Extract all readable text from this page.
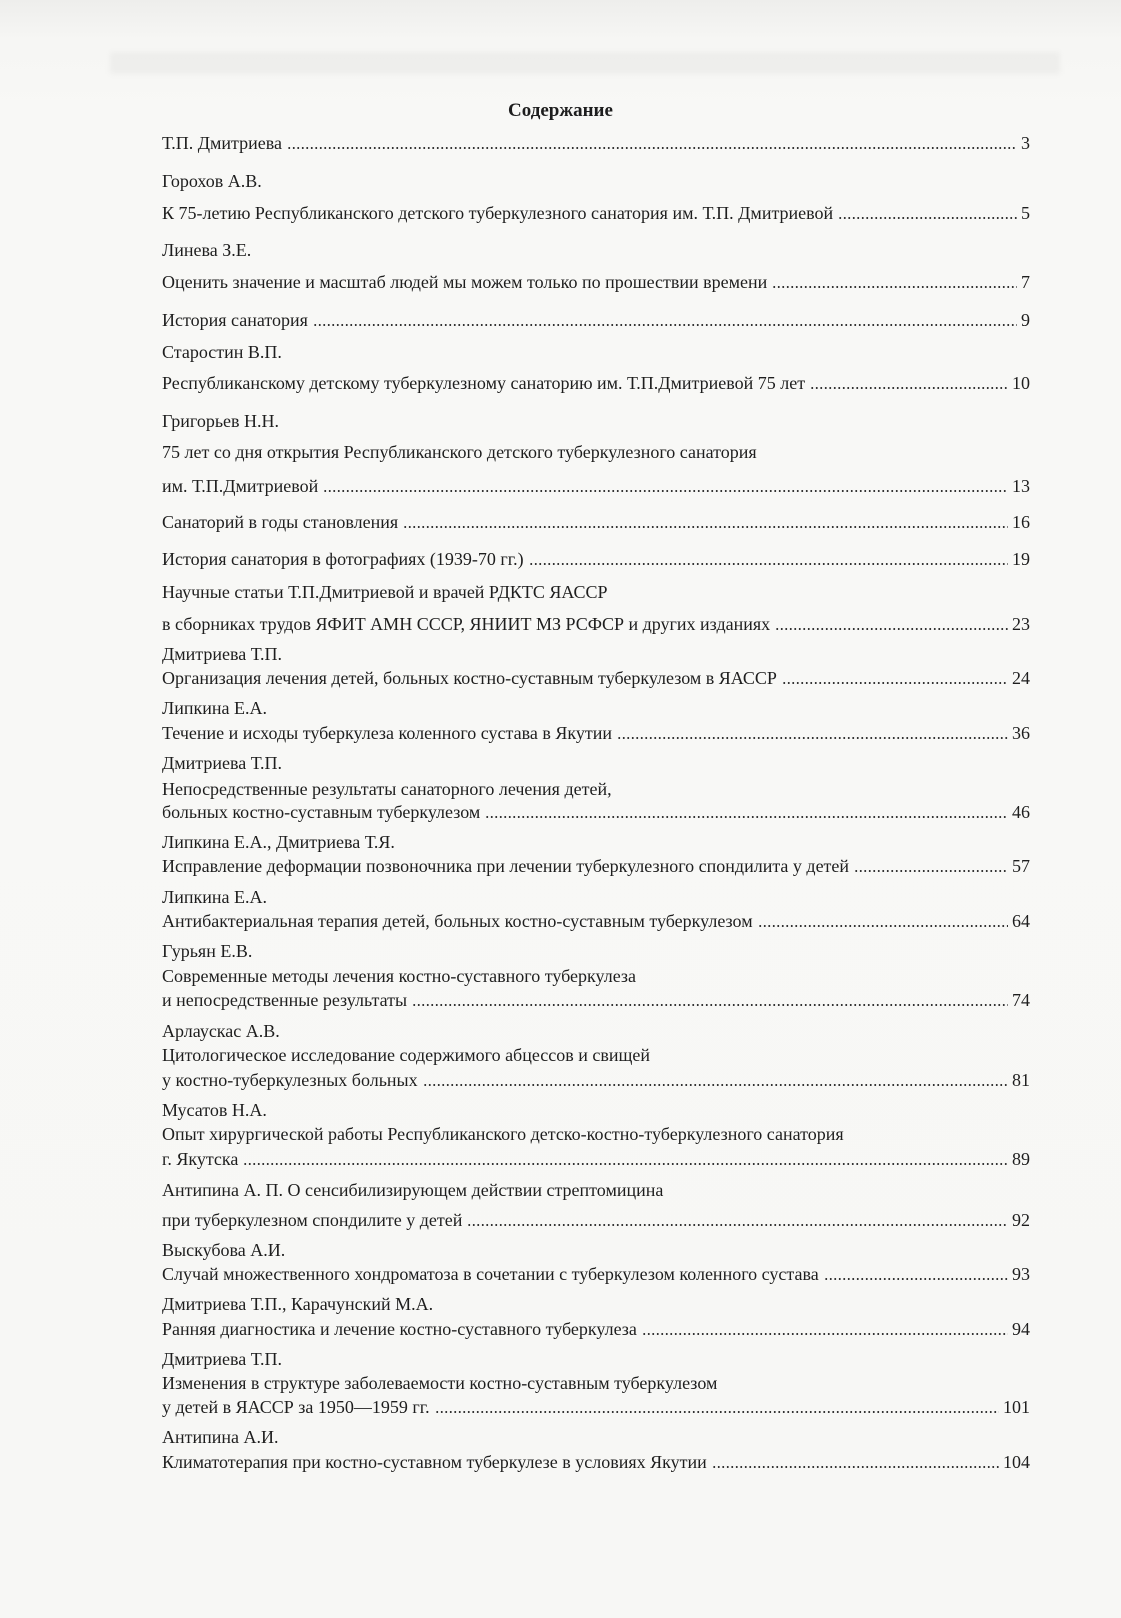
Содержание
Т.П. Дмитриева	3
Горохов А.В.
К 75-летию Республиканского детского туберкулезного санатория им. Т.П. Дмитриевой	5
Линева З.Е.
Оценить значение и масштаб людей мы можем только по прошествии времени	7
История санатория	9
Старостин В.П.
Республиканскому детскому туберкулезному санаторию им. Т.П.Дмитриевой 75 лет	10
Григорьев Н.Н.
75 лет со дня открытия Республиканского детского туберкулезного санатория
им. Т.П.Дмитриевой	13
Санаторий в годы становления	16
История санатория в фотографиях (1939-70 гг.)	19
Научные статьи Т.П.Дмитриевой и врачей РДКТС ЯАССР
в сборниках трудов ЯФИТ АМН СССР, ЯНИИТ МЗ РСФСР и других изданиях	23
Дмитриева Т.П.
Организация лечения детей, больных костно-суставным туберкулезом в ЯАССР	24
Липкина Е.А.
Течение и исходы туберкулеза коленного сустава в Якутии	36
Дмитриева Т.П.
Непосредственные результаты санаторного лечения детей,
больных костно-суставным туберкулезом	46
Липкина Е.А., Дмитриева Т.Я.
Исправление деформации позвоночника при лечении туберкулезного спондилита у детей	57
Липкина Е.А.
Антибактериальная терапия детей, больных костно-суставным туберкулезом	64
Гурьян Е.В.
Современные методы лечения костно-суставного туберкулеза
и непосредственные результаты	74
Арлаускас А.В.
Цитологическое исследование содержимого абцессов и свищей
у костно-туберкулезных больных	81
Мусатов Н.А.
Опыт хирургической работы Республиканского детско-костно-туберкулезного санатория
г. Якутска	89
Антипина А. П. О сенсибилизирующем действии стрептомицина
при туберкулезном спондилите у детей	92
Выскубова А.И.
Случай множественного хондроматоза в сочетании с туберкулезом коленного сустава	93
Дмитриева Т.П., Карачунский М.А.
Ранняя диагностика и лечение костно-суставного туберкулеза	94
Дмитриева Т.П.
Изменения в структуре заболеваемости костно-суставным туберкулезом
у детей в ЯАССР за 1950—1959 гг.	101
Антипина А.И.
Климатотерапия при костно-суставном туберкулезе в условиях Якутии	104
